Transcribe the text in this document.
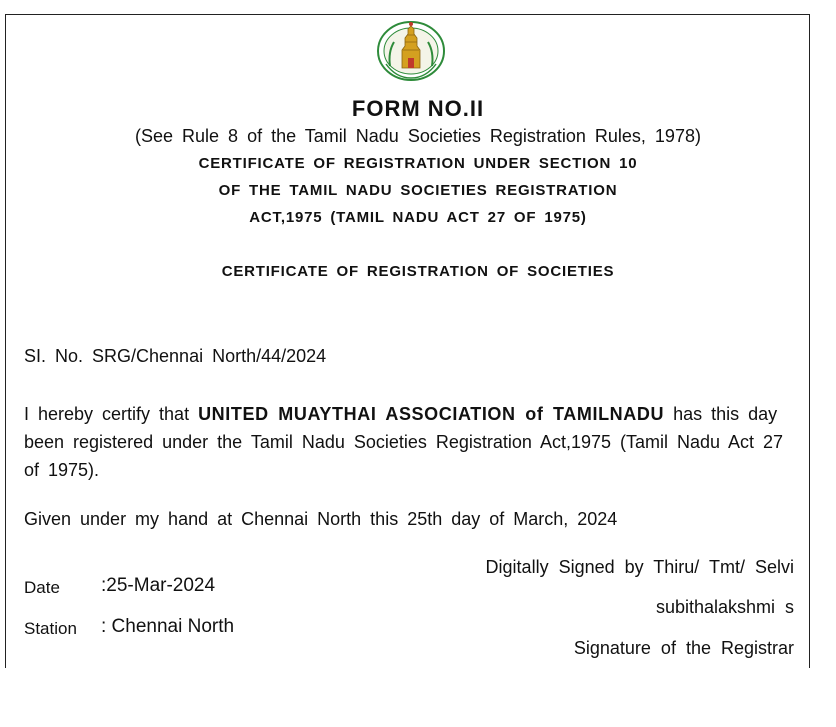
FORM NO.II
(See Rule 8 of the Tamil Nadu Societies Registration Rules, 1978)
CERTIFICATE OF REGISTRATION UNDER SECTION 10
OF THE TAMIL NADU SOCIETIES REGISTRATION
ACT,1975 (TAMIL NADU ACT 27 OF 1975)
CERTIFICATE OF REGISTRATION OF SOCIETIES
SI. No. SRG/Chennai North/44/2024
I hereby certify that UNITED MUAYTHAI ASSOCIATION of TAMILNADU has this day been registered under the Tamil Nadu Societies Registration Act,1975 (Tamil Nadu Act 27 of 1975).
Given under my hand at Chennai North this 25th day of March, 2024
Digitally Signed by Thiru/ Tmt/ Selvi
subithalakshmi s
Signature of the Registrar
Date :25-Mar-2024
Station : Chennai North
